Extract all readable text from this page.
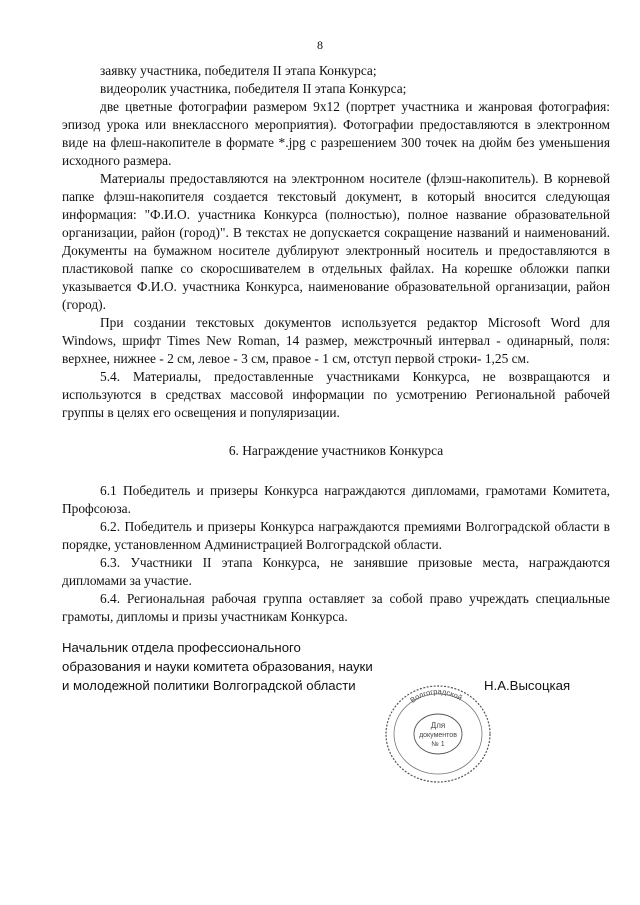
8

заявку участника, победителя II этапа Конкурса;

видеоролик участника, победителя II этапа Конкурса;

две цветные фотографии размером 9х12 (портрет участника и жанровая фотография: эпизод урока или внеклассного мероприятия). Фотографии предоставляются в электронном виде на флеш-накопителе в формате *.jpg с разрешением 300 точек на дюйм без уменьшения исходного размера.

Материалы предоставляются на электронном носителе (флэш-накопитель). В корневой папке флэш-накопителя создается текстовый документ, в который вносится следующая информация: "Ф.И.О. участника Конкурса (полностью), полное название образовательной организации, район (город)". В текстах не допускается сокращение названий и наименований. Документы на бумажном носителе дублируют электронный носитель и предоставляются в пластиковой папке со скоросшивателем в отдельных файлах. На корешке обложки папки указывается Ф.И.О. участника Конкурса, наименование образовательной организации, район (город).

При создании текстовых документов используется редактор Microsoft Word для Windows, шрифт Times New Roman, 14 размер, межстрочный интервал - одинарный, поля: верхнее, нижнее - 2 см, левое - 3 см, правое - 1 см, отступ первой строки- 1,25 см.

5.4. Материалы, предоставленные участниками Конкурса, не возвращаются и используются в средствах массовой информации по усмотрению Региональной рабочей группы в целях его освещения и популяризации.

6. Награждение участников Конкурса

6.1 Победитель и призеры Конкурса награждаются дипломами, грамотами Комитета, Профсоюза.

6.2. Победитель и призеры Конкурса награждаются премиями Волгоградской области в порядке, установленном Администрацией Волгоградской области.

6.3. Участники II этапа Конкурса, не занявшие призовые места, награждаются дипломами за участие.

6.4. Региональная рабочая группа оставляет за собой право учреждать специальные грамоты, дипломы и призы участникам Конкурса.

Начальник отдела профессионального

образования и науки комитета образования, науки

и молодежной политики Волгоградской области	Н.А.Высоцкая
Волгоградской
Для
документов
№ 1
